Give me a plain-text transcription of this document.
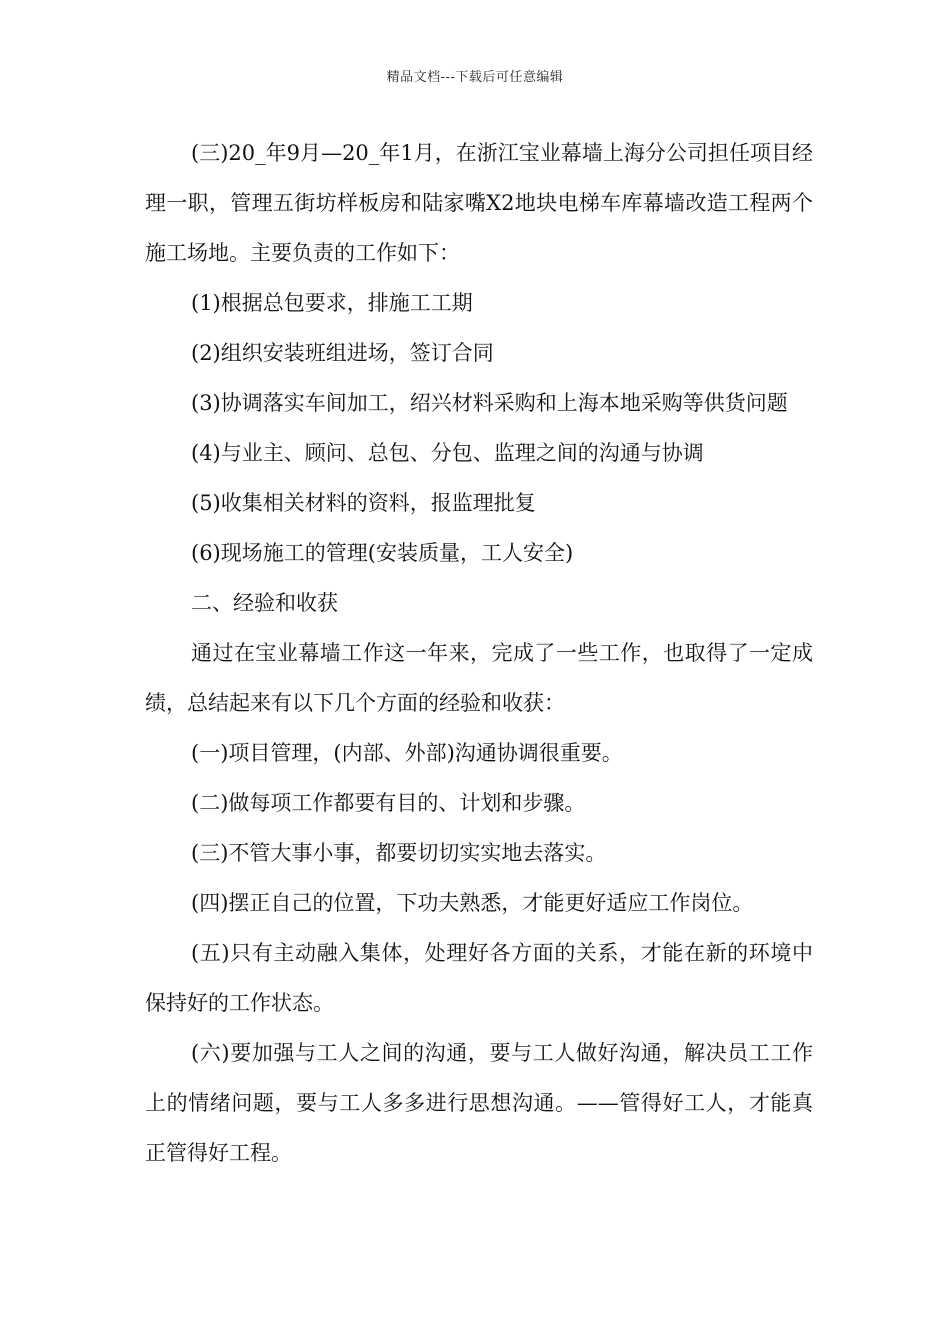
精品文档---下载后可任意编辑

(三)20_年9月—20_年1月，在浙江宝业幕墙上海分公司担任项目经理一职，管理五街坊样板房和陆家嘴X2地块电梯车库幕墙改造工程两个施工场地。主要负责的工作如下：

(1)根据总包要求，排施工工期

(2)组织安装班组进场，签订合同

(3)协调落实车间加工，绍兴材料采购和上海本地采购等供货问题

(4)与业主、顾问、总包、分包、监理之间的沟通与协调

(5)收集相关材料的资料，报监理批复

(6)现场施工的管理(安装质量，工人安全)

二、经验和收获

通过在宝业幕墙工作这一年来，完成了一些工作，也取得了一定成绩，总结起来有以下几个方面的经验和收获：

(一)项目管理，(内部、外部)沟通协调很重要。

(二)做每项工作都要有目的、计划和步骤。

(三)不管大事小事，都要切切实实地去落实。

(四)摆正自己的位置，下功夫熟悉，才能更好适应工作岗位。

(五)只有主动融入集体，处理好各方面的关系，才能在新的环境中保持好的工作状态。

(六)要加强与工人之间的沟通，要与工人做好沟通，解决员工工作上的情绪问题，要与工人多多进行思想沟通。——管得好工人，才能真正管得好工程。
